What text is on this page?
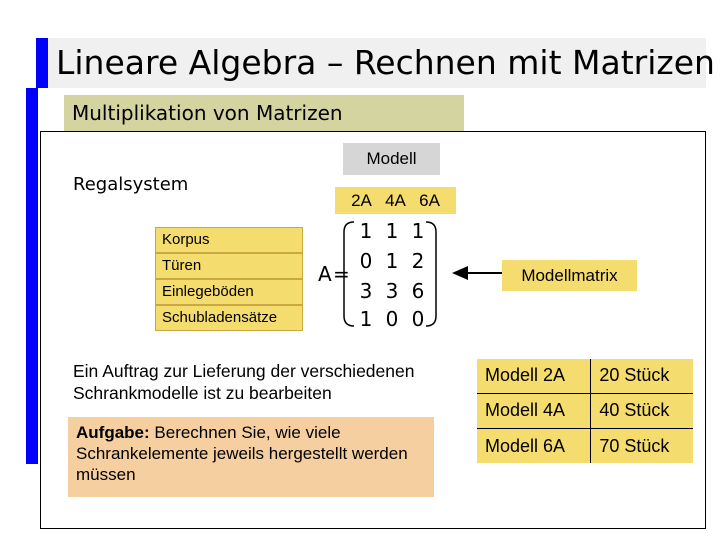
Lineare Algebra – Rechnen mit Matrizen
Multiplikation von Matrizen
Modell
Regalsystem
2A   4A   6A
Korpus
Türen
Einlegeböden
Schubladensätze
A =
1 1 1
0 1 2
3 3 6
1 0 0
Modellmatrix
Ein Auftrag zur Lieferung der verschiedenen Schrankmodelle ist zu bearbeiten
Aufgabe: Berechnen Sie, wie viele Schrankelemente jeweils hergestellt werden müssen
Modell 2A	20 Stück
Modell 4A	40 Stück
Modell 6A	70 Stück
